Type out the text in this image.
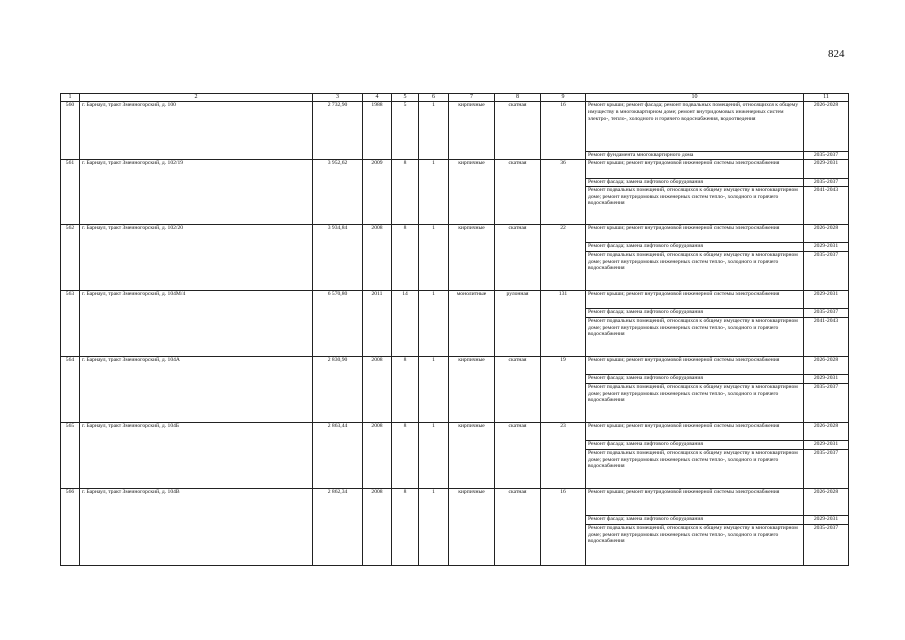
824
1	2	3	4	5	6	7	8	9	10	11
560	г. Барнаул, тракт Змеиногорский, д. 100	2 732,90	1988	5	1	кирпичные	скатная	16	Ремонт крыши; ремонт фасада; ремонт подвальных помещений, относящихся к общему имуществу в многоквартирном доме; ремонт внутридомовых инженерных систем электро-, тепло-, холодного и горячего водоснабжения, водоотведения	2026-2028
									Ремонт фундамента многоквартирного дома	2035-2037
561	г. Барнаул, тракт Змеиногорский, д. 102/19	3 952,62	2009	8	1	кирпичные	скатная	36	Ремонт крыши; ремонт внутридомовой инженерной системы электроснабжения	2029-2031
									Ремонт фасада; замена лифтового оборудования	2035-2037
									Ремонт подвальных помещений, относящихся к общему имуществу в многоквартирном доме; ремонт внутридомовых инженерных систем тепло-, холодного и горячего водоснабжения	2041-2043
562	г. Барнаул, тракт Змеиногорский, д. 102/20	3 934,84	2008	8	1	кирпичные	скатная	22	Ремонт крыши; ремонт внутридомовой инженерной системы электроснабжения	2026-2028
									Ремонт фасада; замена лифтового оборудования	2029-2031
									Ремонт подвальных помещений, относящихся к общему имуществу в многоквартирном доме; ремонт внутридомовых инженерных систем тепло-, холодного и горячего водоснабжения	2035-2037
563	г. Барнаул, тракт Змеиногорский, д. 104М/4	6 570,80	2011	14	1	монолитные	рулонная	131	Ремонт крыши; ремонт внутридомовой инженерной системы электроснабжения	2029-2031
									Ремонт фасада; замена лифтового оборудования	2035-2037
									Ремонт подвальных помещений, относящихся к общему имуществу в многоквартирном доме; ремонт внутридомовых инженерных систем тепло-, холодного и горячего водоснабжения	2041-2043
564	г. Барнаул, тракт Змеиногорский, д. 104А	2 830,90	2008	8	1	кирпичные	скатная	19	Ремонт крыши; ремонт внутридомовой инженерной системы электроснабжения	2026-2028
									Ремонт фасада; замена лифтового оборудования	2029-2031
									Ремонт подвальных помещений, относящихся к общему имуществу в многоквартирном доме; ремонт внутридомовых инженерных систем тепло-, холодного и горячего водоснабжения	2035-2037
565	г. Барнаул, тракт Змеиногорский, д. 104Б	2 863,44	2008	8	1	кирпичные	скатная	23	Ремонт крыши; ремонт внутридомовой инженерной системы электроснабжения	2026-2028
									Ремонт фасада; замена лифтового оборудования	2029-2031
									Ремонт подвальных помещений, относящихся к общему имуществу в многоквартирном доме; ремонт внутридомовых инженерных систем тепло-, холодного и горячего водоснабжения	2035-2037
566	г. Барнаул, тракт Змеиногорский, д. 104В	2 862,34	2008	8	1	кирпичные	скатная	16	Ремонт крыши; ремонт внутридомовой инженерной системы электроснабжения	2026-2028
									Ремонт фасада; замена лифтового оборудования	2029-2031
									Ремонт подвальных помещений, относящихся к общему имуществу в многоквартирном доме; ремонт внутридомовых инженерных систем тепло-, холодного и горячего водоснабжения	2035-2037
